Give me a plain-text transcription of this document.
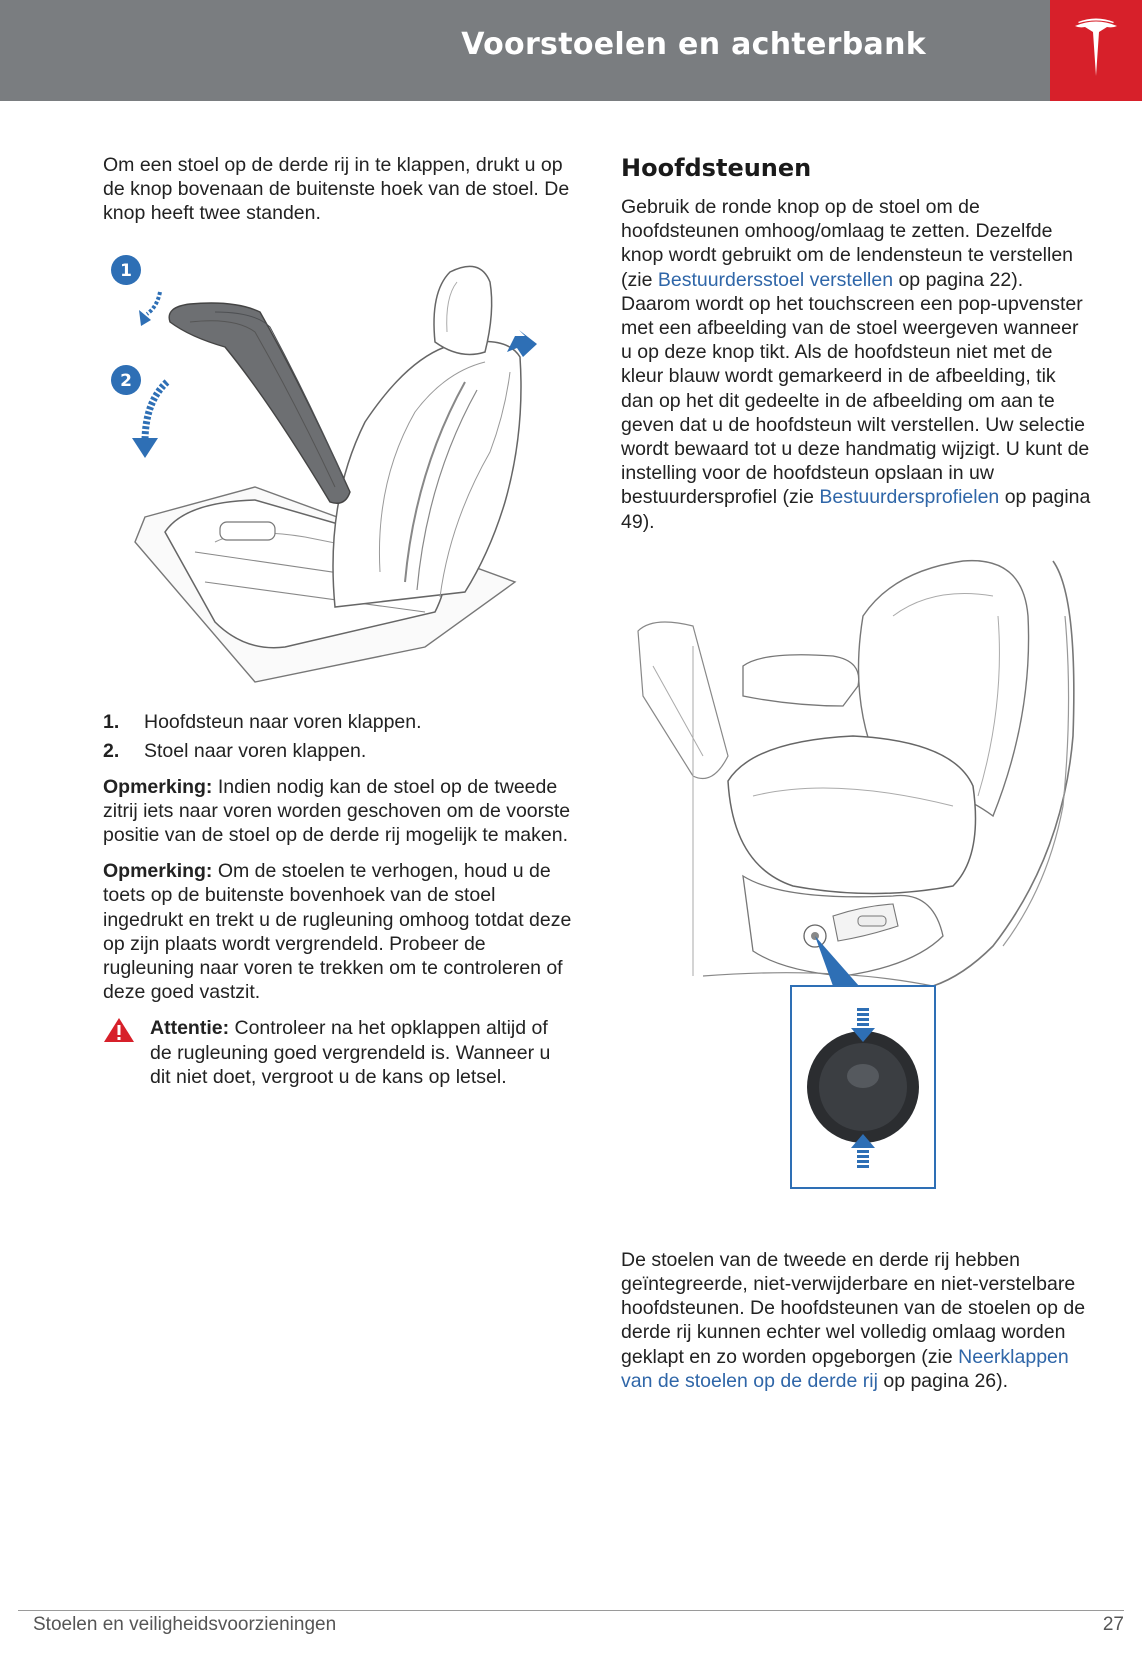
Voorstoelen en achterbank

Om een stoel op de derde rij in te klappen, drukt u op de knop bovenaan de buitenste hoek van de stoel. De knop heeft twee standen.

1
2
1.	Hoofdsteun naar voren klappen.
2.	Stoel naar voren klappen.

Opmerking: Indien nodig kan de stoel op de tweede zitrij iets naar voren worden geschoven om de voorste positie van de stoel op de derde rij mogelijk te maken.

Opmerking: Om de stoelen te verhogen, houd u de toets op de buitenste bovenhoek van de stoel ingedrukt en trekt u de rugleuning omhoog totdat deze op zijn plaats wordt vergrendeld. Probeer de rugleuning naar voren te trekken om te controleren of deze goed vastzit.

Attentie: Controleer na het opklappen altijd of de rugleuning goed vergrendeld is. Wanneer u dit niet doet, vergroot u de kans op letsel.

Hoofdsteunen

Gebruik de ronde knop op de stoel om de hoofdsteunen omhoog/omlaag te zetten. Dezelfde knop wordt gebruikt om de lendensteun te verstellen (zie Bestuurdersstoel verstellen op pagina 22). Daarom wordt op het touchscreen een pop-upvenster met een afbeelding van de stoel weergeven wanneer u op deze knop tikt. Als de hoofdsteun niet met de kleur blauw wordt gemarkeerd in de afbeelding, tik dan op het dit gedeelte in de afbeelding om aan te geven dat u de hoofdsteun wilt verstellen. Uw selectie wordt bewaard tot u deze handmatig wijzigt. U kunt de instelling voor de hoofdsteun opslaan in uw bestuurdersprofiel (zie Bestuurdersprofielen op pagina 49).

De stoelen van de tweede en derde rij hebben geïntegreerde, niet-verwijderbare en niet-verstelbare hoofdsteunen. De hoofdsteunen van de stoelen op de derde rij kunnen echter wel volledig omlaag worden geklapt en zo worden opgeborgen (zie Neerklappen van de stoelen op de derde rij op pagina 26).

Stoelen en veiligheidsvoorzieningen	27
